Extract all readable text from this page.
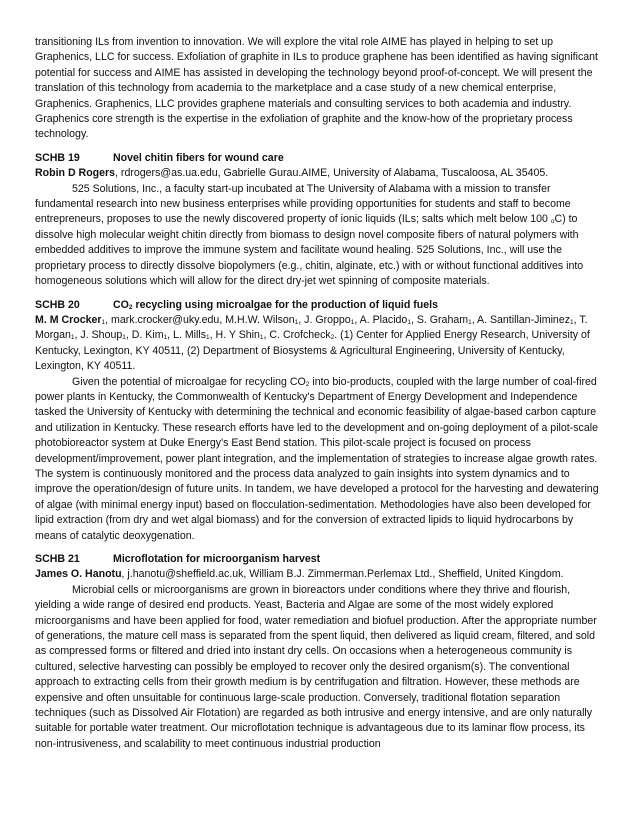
transitioning ILs from invention to innovation. We will explore the vital role AIME has played in helping to set up Graphenics, LLC for success. Exfoliation of graphite in ILs to produce graphene has been identified as having significant potential for success and AIME has assisted in developing the technology beyond proof-of-concept. We will present the translation of this technology from academia to the marketplace and a case study of a new chemical enterprise, Graphenics. Graphenics, LLC provides graphene materials and consulting services to both academia and industry. Graphenics core strength is the expertise in the exfoliation of graphite and the know-how of the proprietary process technology.

SCHB 19	Novel chitin fibers for wound care

Robin D Rogers, rdrogers@as.ua.edu, Gabrielle Gurau.AIME, University of Alabama, Tuscaloosa, AL 35405.

525 Solutions, Inc., a faculty start-up incubated at The University of Alabama with a mission to transfer fundamental research into new business enterprises while providing opportunities for students and staff to become entrepreneurs, proposes to use the newly discovered property of ionic liquids (ILs; salts which melt below 100 $_o$C) to dissolve high molecular weight chitin directly from biomass to design novel composite fibers of natural polymers with embedded additives to improve the immune system and facilitate wound healing. 525 Solutions, Inc., will use the proprietary process to directly dissolve biopolymers (e.g., chitin, alginate, etc.) with or without functional additives into homogeneous solutions which will allow for the direct dry-jet wet spinning of composite materials.

SCHB 20	$CO_2$ recycling using microalgae for the production of liquid fuels

M. M Crocker$_1$, mark.crocker@uky.edu, M.H.W. Wilson$_1$, J. Groppo$_1$, A. Placido$_1$, S. Graham$_1$, A. Santillan-Jiminez$_1$, T. Morgan$_1$, J. Shoup$_1$, D. Kim$_1$, L. Mills$_1$, H. Y Shin$_1$, C. Crofcheck$_2$. (1) Center for Applied Energy Research, University of Kentucky, Lexington, KY 40511, (2) Department of Biosystems & Agricultural Engineering, University of Kentucky, Lexington, KY 40511.

Given the potential of microalgae for recycling $CO_2$ into bio-products, coupled with the large number of coal-fired power plants in Kentucky, the Commonwealth of Kentucky's Department of Energy Development and Independence tasked the University of Kentucky with determining the technical and economic feasibility of algae-based carbon capture and utilization in Kentucky. These research efforts have led to the development and on-going deployment of a pilot-scale photobioreactor system at Duke Energy's East Bend station. This pilot-scale project is focused on process development/improvement, power plant integration, and the implementation of strategies to increase algae growth rates. The system is continuously monitored and the process data analyzed to gain insights into system dynamics and to improve the operation/design of future units. In tandem, we have developed a protocol for the harvesting and dewatering of algae (with minimal energy input) based on flocculation-sedimentation. Methodologies have also been developed for lipid extraction (from dry and wet algal biomass) and for the conversion of extracted lipids to liquid hydrocarbons by means of catalytic deoxygenation.

SCHB 21	Microflotation for microorganism harvest

James O. Hanotu, j.hanotu@sheffield.ac.uk, William B.J. Zimmerman.Perlemax Ltd., Sheffield, United Kingdom.

Microbial cells or microorganisms are grown in bioreactors under conditions where they thrive and flourish, yielding a wide range of desired end products. Yeast, Bacteria and Algae are some of the most widely explored microorganisms and have been applied for food, water remediation and biofuel production. After the appropriate number of generations, the mature cell mass is separated from the spent liquid, then delivered as liquid cream, filtered, and sold as compressed forms or filtered and dried into instant dry cells. On occasions when a heterogeneous community is cultured, selective harvesting can possibly be employed to recover only the desired organism(s). The conventional approach to extracting cells from their growth medium is by centrifugation and filtration. However, these methods are expensive and often unsuitable for continuous large-scale production. Conversely, traditional flotation separation techniques (such as Dissolved Air Flotation) are regarded as both intrusive and energy intensive, and are only naturally suitable for portable water treatment. Our microflotation technique is advantageous due to its laminar flow process, its non-intrusiveness, and scalability to meet continuous industrial production
